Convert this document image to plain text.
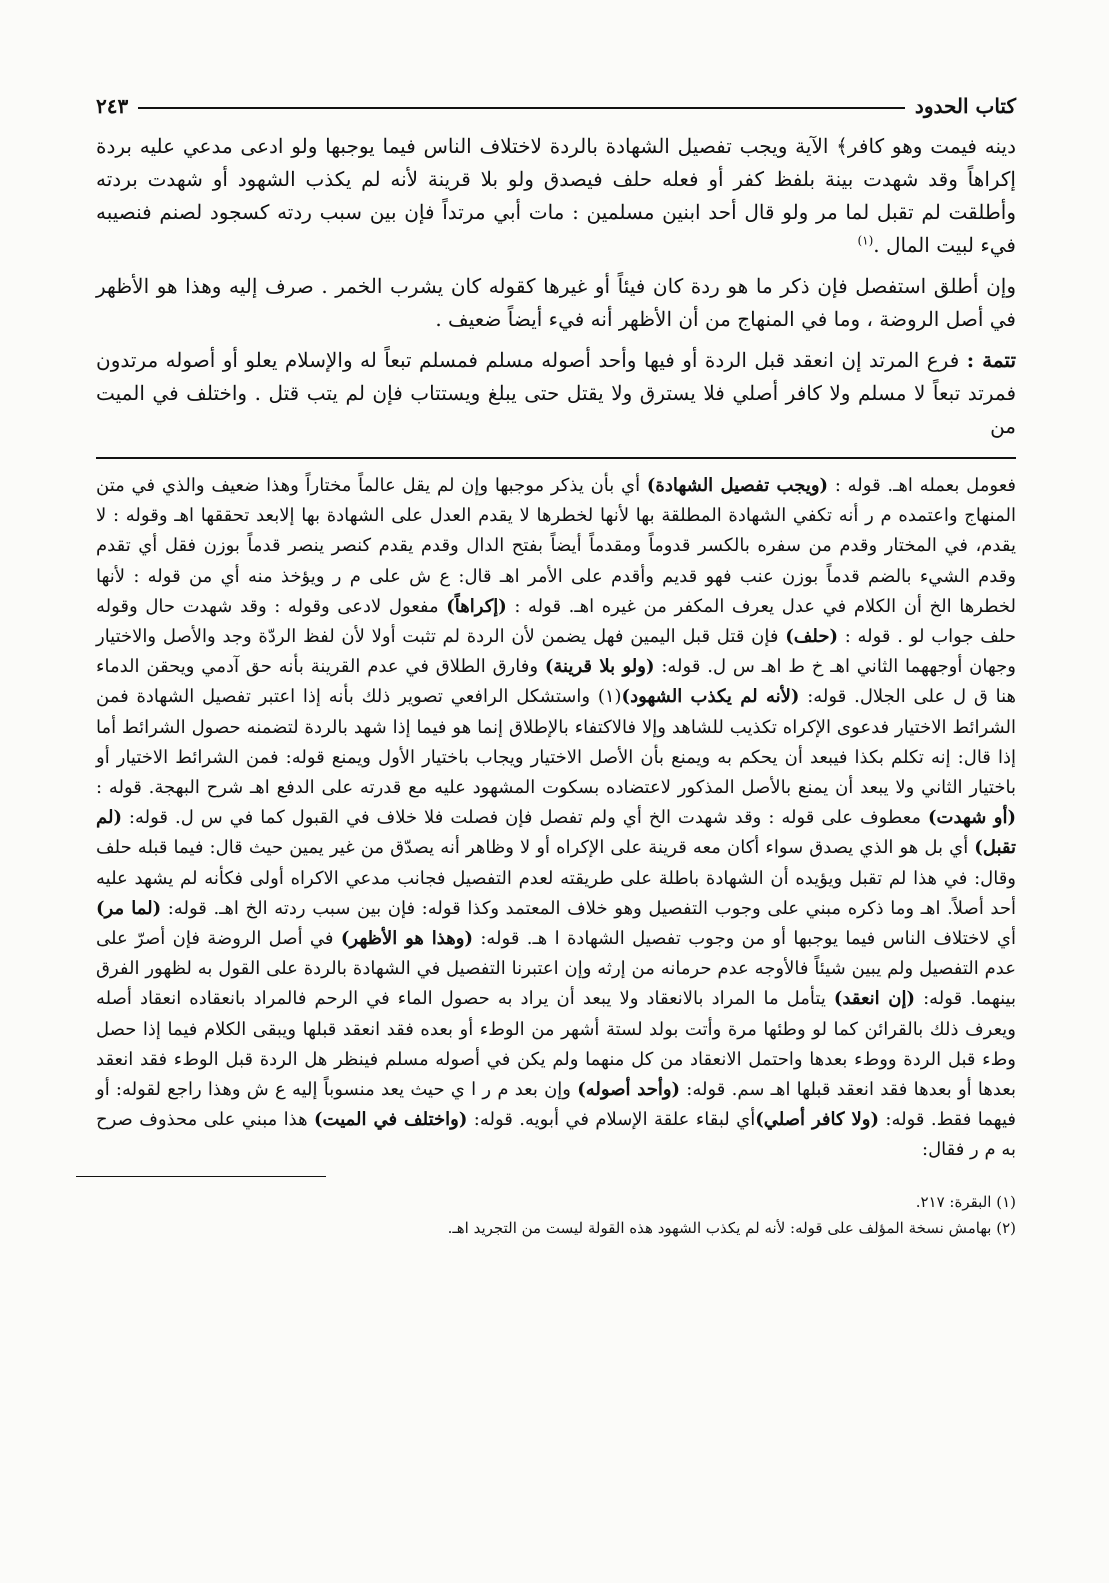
كتاب الحدود
٢٤٣

دينه فيمت وهو كافر﴾ الآية ويجب تفصيل الشهادة بالردة لاختلاف الناس فيما يوجبها ولو ادعى مدعي عليه بردة إكراهاً وقد شهدت بينة بلفظ كفر أو فعله حلف فيصدق ولو بلا قرينة لأنه لم يكذب الشهود أو شهدت بردته وأطلقت لم تقبل لما مر ولو قال أحد ابنين مسلمين : مات أبي مرتداً فإن بين سبب ردته كسجود لصنم فنصيبه فيء لبيت المال .$^{(١)}$

وإن أطلق استفصل فإن ذكر ما هو ردة كان فيئاً أو غيرها كقوله كان يشرب الخمر . صرف إليه وهذا هو الأظهر في أصل الروضة ، وما في المنهاج من أن الأظهر أنه فيء أيضاً ضعيف .

تتمة : فرع المرتد إن انعقد قبل الردة أو فيها وأحد أصوله مسلم فمسلم تبعاً له والإسلام يعلو أو أصوله مرتدون فمرتد تبعاً لا مسلم ولا كافر أصلي فلا يسترق ولا يقتل حتى يبلغ ويستتاب فإن لم يتب قتل . واختلف في الميت من

فعومل بعمله اهـ. قوله : (ويجب تفصيل الشهادة) أي بأن يذكر موجبها وإن لم يقل عالماً مختاراً وهذا ضعيف والذي في متن المنهاج واعتمده م ر أنه تكفي الشهادة المطلقة بها لأنها لخطرها لا يقدم العدل على الشهادة بها إلابعد تحققها اهـ وقوله : لا يقدم، في المختار وقدم من سفره بالكسر قدوماً ومقدماً أيضاً بفتح الدال وقدم يقدم كنصر ينصر قدماً بوزن فقل أي تقدم وقدم الشيء بالضم قدماً بوزن عنب فهو قديم وأقدم على الأمر اهـ قال: ع ش على م ر ويؤخذ منه أي من قوله : لأنها لخطرها الخ أن الكلام في عدل يعرف المكفر من غيره اهـ. قوله : (إكراهاً) مفعول لادعى وقوله : وقد شهدت حال وقوله حلف جواب لو . قوله : (حلف) فإن قتل قبل اليمين فهل يضمن لأن الردة لم تثبت أولا لأن لفظ الردّة وجد والأصل والاختيار وجهان أوجههما الثاني اهـ خ ط اهـ س ل. قوله: (ولو بلا قرينة) وفارق الطلاق في عدم القرينة بأنه حق آدمي ويحقن الدماء هنا ق ل على الجلال. قوله: (لأنه لم يكذب الشهود)(١) واستشكل الرافعي تصوير ذلك بأنه إذا اعتبر تفصيل الشهادة فمن الشرائط الاختيار فدعوى الإكراه تكذيب للشاهد وإلا فالاكتفاء بالإطلاق إنما هو فيما إذا شهد بالردة لتضمنه حصول الشرائط أما إذا قال: إنه تكلم بكذا فيبعد أن يحكم به ويمنع بأن الأصل الاختيار ويجاب باختيار الأول ويمنع قوله: فمن الشرائط الاختيار أو باختيار الثاني ولا يبعد أن يمنع بالأصل المذكور لاعتضاده بسكوت المشهود عليه مع قدرته على الدفع اهـ شرح البهجة. قوله : (أو شهدت) معطوف على قوله : وقد شهدت الخ أي ولم تفصل فإن فصلت فلا خلاف في القبول كما في س ل. قوله: (لم تقبل) أي بل هو الذي يصدق سواء أكان معه قرينة على الإكراه أو لا وظاهر أنه يصدّق من غير يمين حيث قال: فيما قبله حلف وقال: في هذا لم تقبل ويؤيده أن الشهادة باطلة على طريقته لعدم التفصيل فجانب مدعي الاكراه أولى فكأنه لم يشهد عليه أحد أصلاً. اهـ وما ذكره مبني على وجوب التفصيل وهو خلاف المعتمد وكذا قوله: فإن بين سبب ردته الخ اهـ. قوله: (لما مر) أي لاختلاف الناس فيما يوجبها أو من وجوب تفصيل الشهادة ا هـ. قوله: (وهذا هو الأظهر) في أصل الروضة فإن أصرّ على عدم التفصيل ولم يبين شيئاً فالأوجه عدم حرمانه من إرثه وإن اعتبرنا التفصيل في الشهادة بالردة على القول به لظهور الفرق بينهما. قوله: (إن انعقد) يتأمل ما المراد بالانعقاد ولا يبعد أن يراد به حصول الماء في الرحم فالمراد بانعقاده انعقاد أصله ويعرف ذلك بالقرائن كما لو وطئها مرة وأتت بولد لستة أشهر من الوطء أو بعده فقد انعقد قبلها ويبقى الكلام فيما إذا حصل وطء قبل الردة ووطء بعدها واحتمل الانعقاد من كل منهما ولم يكن في أصوله مسلم فينظر هل الردة قبل الوطء فقد انعقد بعدها أو بعدها فقد انعقد قبلها اهـ سم. قوله: (وأحد أصوله) وإن بعد م ر ا ي حيث يعد منسوباً إليه ع ش وهذا راجع لقوله: أو فيهما فقط. قوله: (ولا كافر أصلي)أي لبقاء علقة الإسلام في أبويه. قوله: (واختلف في الميت) هذا مبني على محذوف صرح به م ر فقال:
(١) البقرة: ٢١٧.
(٢) بهامش نسخة المؤلف على قوله: لأنه لم يكذب الشهود هذه القولة ليست من التجريد اهـ.
